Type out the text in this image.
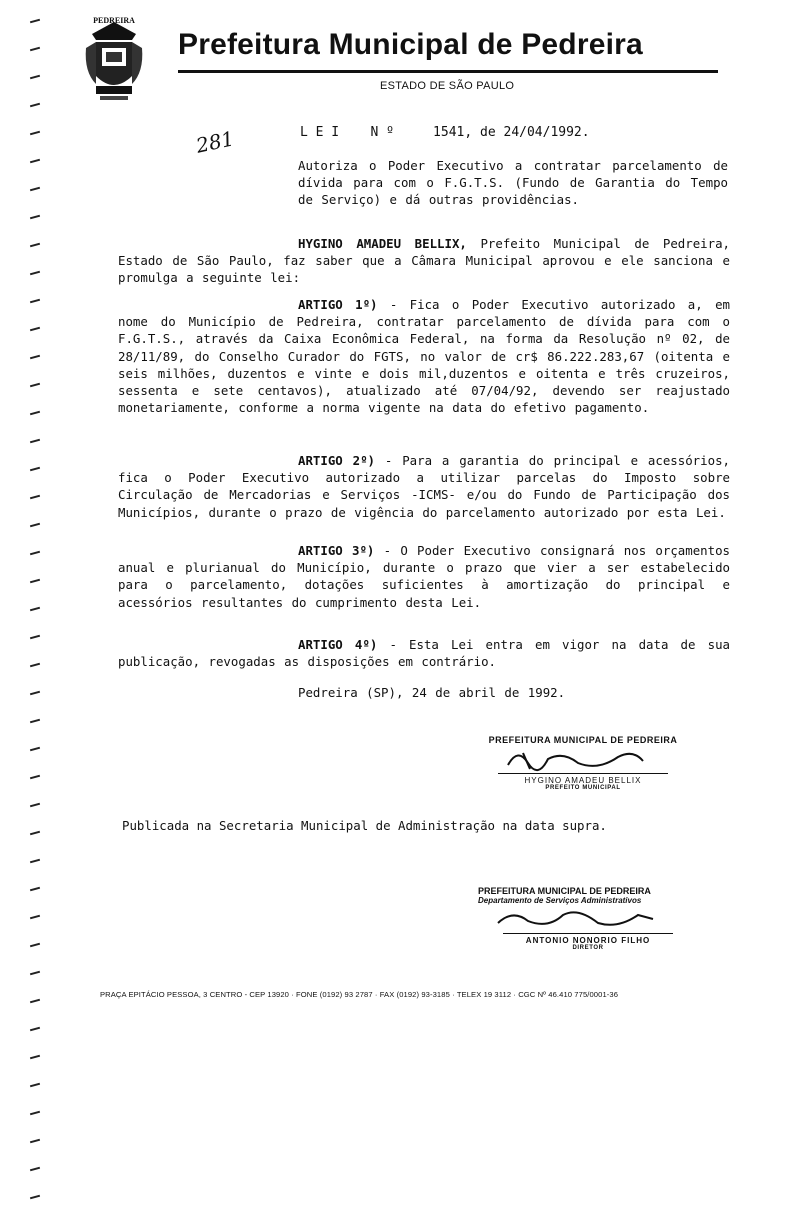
PEDREIRA
Prefeitura Municipal de Pedreira
ESTADO DE SÃO PAULO
281	L E I    N º     1541, de 24/04/1992.
Autoriza o Poder Executivo a contratar parcelamento de dívida para com o F.G.T.S. (Fundo de Garantia do Tempo de Serviço) e dá outras providências.
HYGINO AMADEU BELLIX, Prefeito Municipal de Pedreira, Estado de São Paulo, faz saber que a Câmara Municipal aprovou e ele sanciona e promulga a seguinte lei:
ARTIGO 1º) - Fica o Poder Executivo autorizado a, em nome do Município de Pedreira, contratar parcelamento de dívida para com o F.G.T.S., através da Caixa Econômica Federal, na forma da Resolução nº 02, de 28/11/89, do Conselho Curador do FGTS, no valor de cr$ 86.222.283,67 (oitenta e seis milhões, duzentos e vinte e dois mil,duzentos e oitenta e três cruzeiros, sessenta e sete centavos), atualizado até 07/04/92, devendo ser reajustado monetariamente, conforme a norma vigente na data do efetivo pagamento.
ARTIGO 2º) - Para a garantia do principal e acessórios, fica o Poder Executivo autorizado a utilizar parcelas do Imposto sobre Circulação de Mercadorias e Serviços -ICMS- e/ou do Fundo de Participação dos Municípios, durante o prazo de vigência do parcelamento autorizado por esta Lei.
ARTIGO 3º) - O Poder Executivo consignará nos orçamentos anual e plurianual do Município, durante o prazo que vier a ser estabelecido para o parcelamento, dotações suficientes à amortização do principal e acessórios resultantes do cumprimento desta Lei.
ARTIGO 4º) - Esta Lei entra em vigor na data de sua publicação, revogadas as disposições em contrário.
Pedreira (SP), 24 de abril de 1992.
PREFEITURA MUNICIPAL DE PEDREIRA
HYGINO AMADEU BELLIX
PREFEITO MUNICIPAL
Publicada na Secretaria Municipal de Administração na data supra.
PREFEITURA MUNICIPAL DE PEDREIRA
Departamento de Serviços Administrativos
ANTONIO NONORIO FILHO
DIRETOR
PRAÇA EPITÁCIO PESSOA, 3 CENTRO - CEP 13920 · FONE (0192) 93 2787 · FAX (0192) 93-3185 · TELEX 19 3112 · CGC Nº 46.410 775/0001-36
